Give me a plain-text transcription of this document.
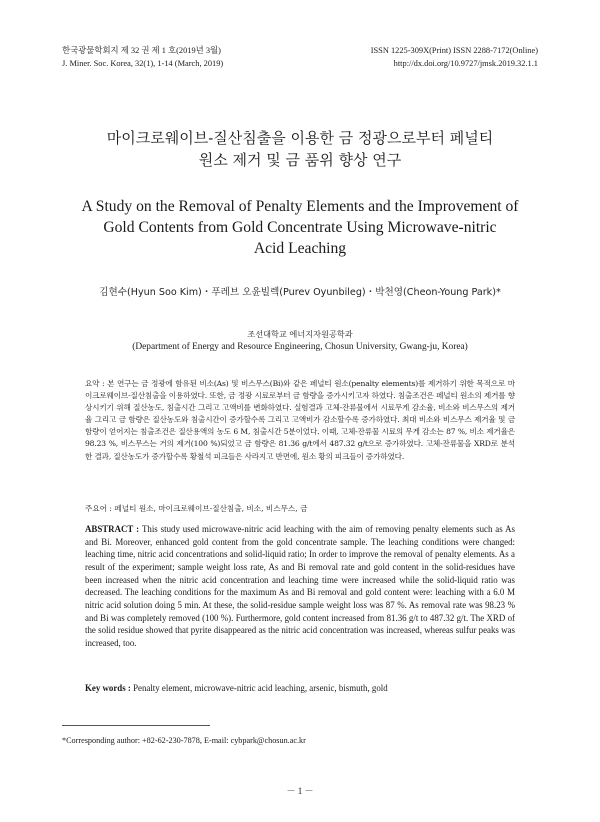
한국광물학회지 제 32 권 제 1 호(2019년 3월)
J. Miner. Soc. Korea, 32(1), 1-14 (March, 2019)
ISSN 1225-309X(Print) ISSN 2288-7172(Online)
http://dx.doi.org/10.9727/jmsk.2019.32.1.1
마이크로웨이브-질산침출을 이용한 금 정광으로부터 페널티
원소 제거 및 금 품위 향상 연구
A Study on the Removal of Penalty Elements and the Improvement of
Gold Contents from Gold Concentrate Using Microwave-nitric
Acid Leaching
김현수(Hyun Soo Kim)・푸레브 오윤빌렉(Purev Oyunbileg)・박천영(Cheon-Young Park)*
조선대학교 에너지자원공학과
(Department of Energy and Resource Engineering, Chosun University, Gwang-ju, Korea)
요약 : 본 연구는 금 정광에 함유된 비소(As) 및 비스무스(Bi)와 같은 페널티 원소(penalty elements)를 제거하기 위한 목적으로 마이크로웨이브-질산침출을 이용하였다. 또한, 금 정광 시료로부터 금 함량을 증가시키고자 하였다. 침출조건은 페널티 원소의 제거를 향상시키기 위해 질산농도, 침출시간 그리고 고액비를 변화하였다. 실험결과 고체-잔류물에서 시료무게 감소율, 비소와 비스무스의 제거율 그리고 금 함량은 질산농도와 침출시간이 증가할수록 그리고 고액비가 감소할수록 증가하였다. 최대 비소와 비스무스 제거율 및 금 함량이 얻어지는 침출조건은 질산용액의 농도 6 M, 침출시간 5분이었다. 이때, 고체-잔류물 시료의 무게 감소는 87 %, 비소 제거율은 98.23 %, 비스무스는 거의 제거(100 %)되었고 금 함량은 81.36 g/t에서 487.32 g/t으로 증가하였다. 고체-잔류물을 XRD로 분석한 결과, 질산농도가 증가할수록 황철석 피크들은 사라지고 반면에, 원소 황의 피크들이 증가하였다.
주요어 : 페널티 원소, 마이크로웨이브-질산침출, 비소, 비스무스, 금
ABSTRACT : This study used microwave-nitric acid leaching with the aim of removing penalty elements such as As and Bi. Moreover, enhanced gold content from the gold concentrate sample. The leaching conditions were changed: leaching time, nitric acid concentrations and solid-liquid ratio; In order to improve the removal of penalty elements. As a result of the experiment; sample weight loss rate, As and Bi removal rate and gold content in the solid-residues have been increased when the nitric acid concentration and leaching time were increased while the solid-liquid ratio was decreased. The leaching conditions for the maximum As and Bi removal and gold content were: leaching with a 6.0 M nitric acid solution doing 5 min. At these, the solid-residue sample weight loss was 87 %. As removal rate was 98.23 % and Bi was completely removed (100 %). Furthermore, gold content increased from 81.36 g/t to 487.32 g/t. The XRD of the solid residue showed that pyrite disappeared as the nitric acid concentration was increased, whereas sulfur peaks was increased, too.
Key words : Penalty element, microwave-nitric acid leaching, arsenic, bismuth, gold
*Corresponding author: +82-62-230-7878, E-mail: cybpark@chosun.ac.kr
－ 1 －
